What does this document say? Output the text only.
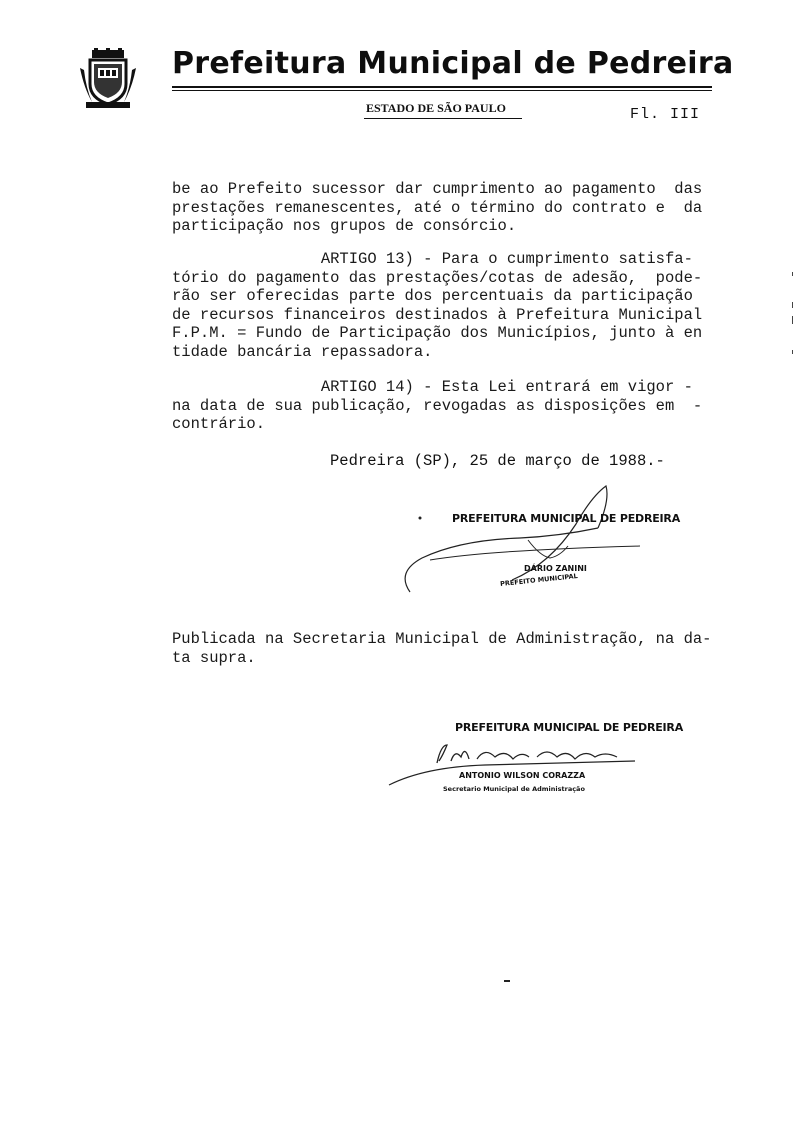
Prefeitura Municipal de Pedreira
ESTADO DE SÃO PAULO	Fl. III
be ao Prefeito sucessor dar cumprimento ao pagamento  das
prestações remanescentes, até o término do contrato e  da
participação nos grupos de consórcio.
ARTIGO 13) - Para o cumprimento satisfa-
tório do pagamento das prestações/cotas de adesão,  pode-
rão ser oferecidas parte dos percentuais da participação
de recursos financeiros destinados à Prefeitura Municipal
F.P.M. = Fundo de Participação dos Municípios, junto à en
tidade bancária repassadora.
ARTIGO 14) - Esta Lei entrará em vigor -
na data de sua publicação, revogadas as disposições em  -
contrário.
Pedreira (SP), 25 de março de 1988.-
PREFEITURA MUNICIPAL DE PEDREIRA
DÁRIO ZANINI
PREFEITO MUNICIPAL
Publicada na Secretaria Municipal de Administração, na da-
ta supra.
PREFEITURA MUNICIPAL DE PEDREIRA
ANTONIO WILSON CORAZZA
Secretario Municipal de Administração
